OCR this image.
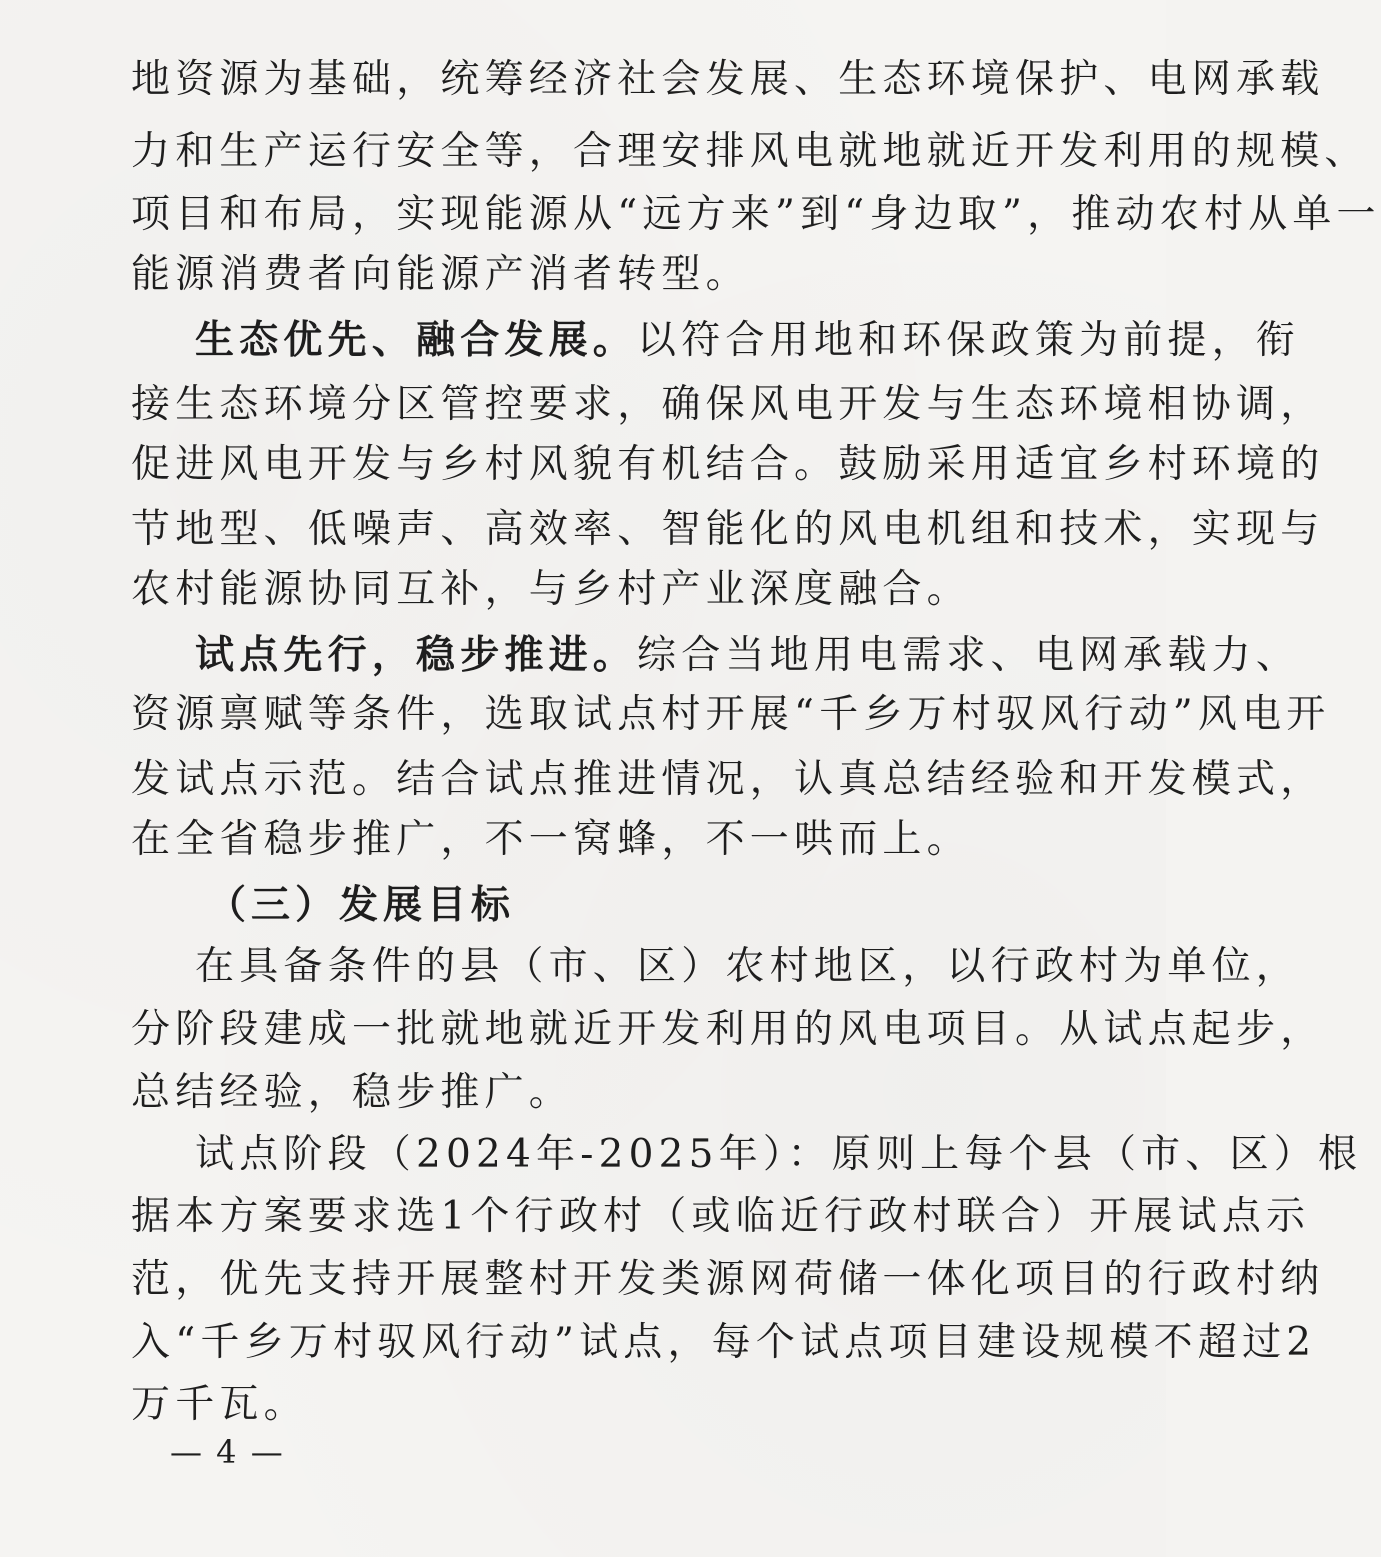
地资源为基础，统筹经济社会发展、生态环境保护、电网承载
力和生产运行安全等，合理安排风电就地就近开发利用的规模、
项目和布局，实现能源从“远方来”到“身边取”，推动农村从单一
能源消费者向能源产消者转型。
生态优先、融合发展。以符合用地和环保政策为前提，衔
接生态环境分区管控要求，确保风电开发与生态环境相协调，
促进风电开发与乡村风貌有机结合。鼓励采用适宜乡村环境的
节地型、低噪声、高效率、智能化的风电机组和技术，实现与
农村能源协同互补，与乡村产业深度融合。
试点先行，稳步推进。综合当地用电需求、电网承载力、
资源禀赋等条件，选取试点村开展“千乡万村驭风行动”风电开
发试点示范。结合试点推进情况，认真总结经验和开发模式，
在全省稳步推广，不一窝蜂，不一哄而上。
（三）发展目标
在具备条件的县（市、区）农村地区，以行政村为单位，
分阶段建成一批就地就近开发利用的风电项目。从试点起步，
总结经验，稳步推广。
试点阶段（2024年-2025年）：原则上每个县（市、区）根
据本方案要求选1个行政村（或临近行政村联合）开展试点示
范，优先支持开展整村开发类源网荷储一体化项目的行政村纳
入“千乡万村驭风行动”试点，每个试点项目建设规模不超过2
万千瓦。
— 4 —
